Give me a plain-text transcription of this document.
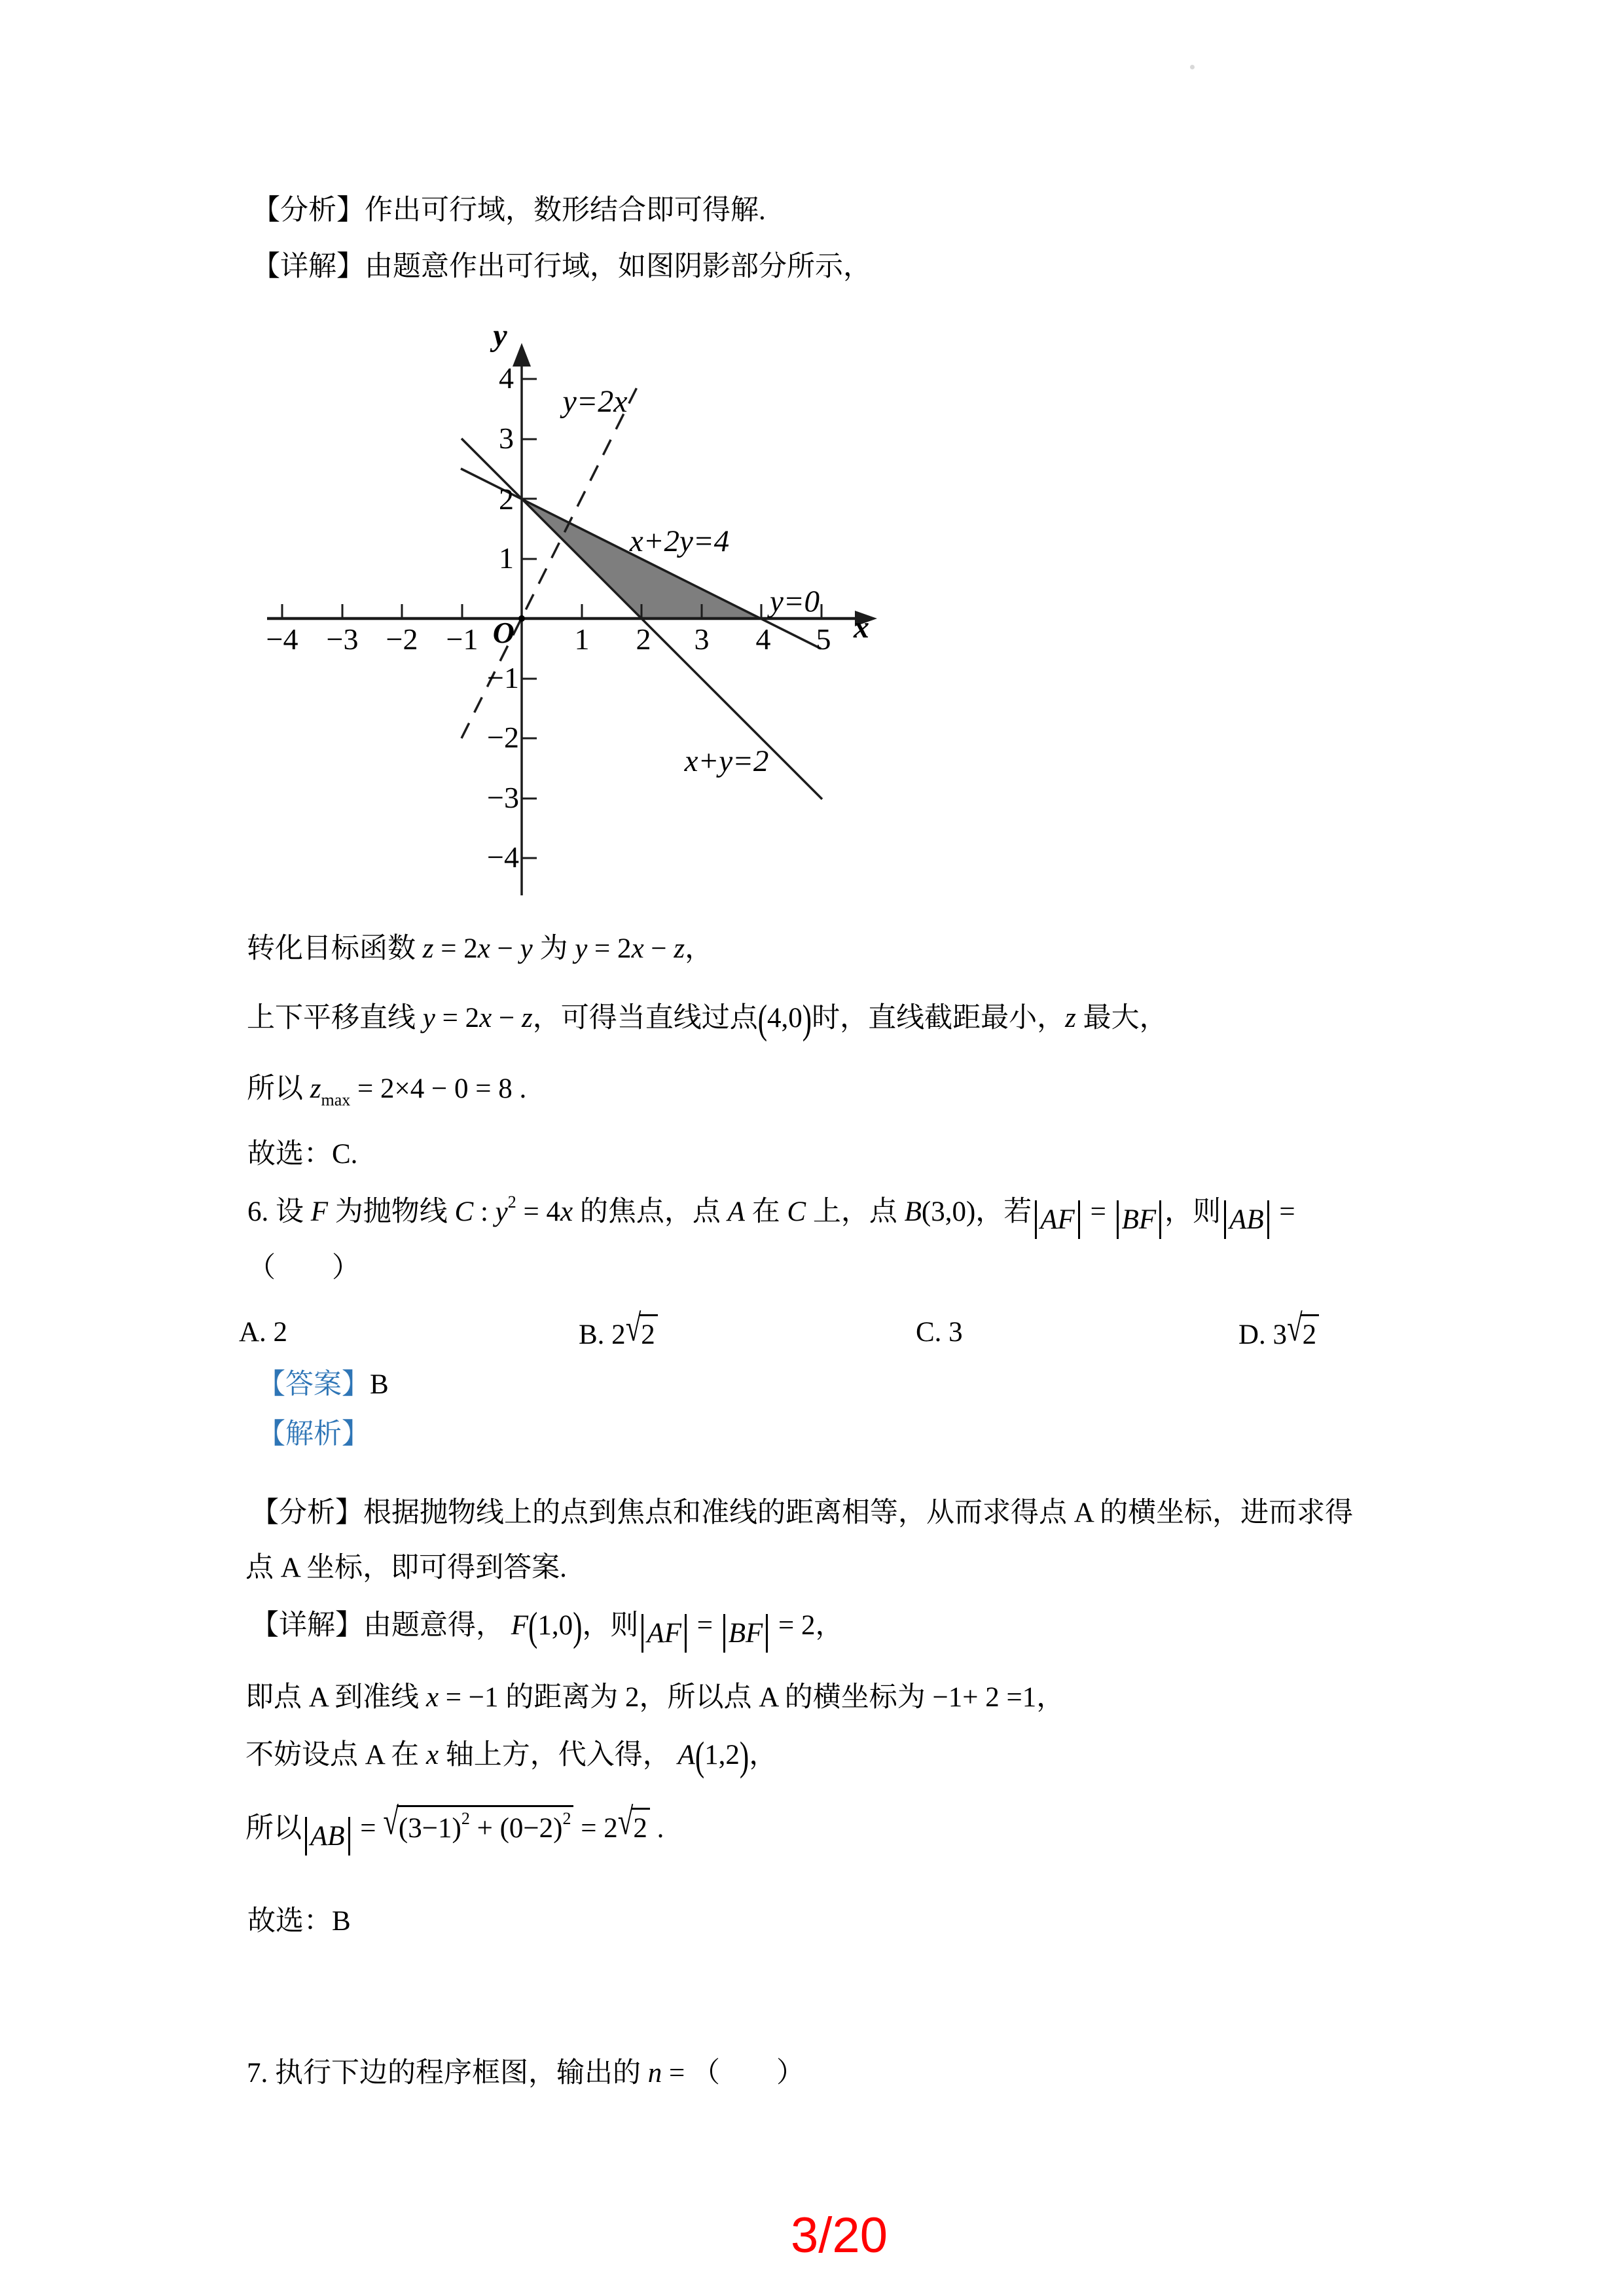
【分析】作出可行域，数形结合即可得解.
【详解】由题意作出可行域，如图阴影部分所示，
−4 −3 −2 −1	1 2 3 4 5
4
3
2
1
−1
−2
−3
−4
y
x
O
y=2x
x+2y=4
y=0
x+y=2
转化目标函数 z = 2x − y 为 y = 2x − z，
上下平移直线 y = 2x − z，可得当直线过点(4,0)时，直线截距最小，z 最大，
所以 $z_{max} = 2\times 4 - 0 = 8$ .
故选：C.
6. 设 F 为抛物线 C : $y^2 = 4x$ 的焦点，点 A 在 C 上，点 B(3,0)，若 AF = BF ，则 AB =
（　　）
A. 2	B. 2√2	C. 3	D. 3√2
【答案】B
【解析】
【分析】根据抛物线上的点到焦点和准线的距离相等，从而求得点 A 的横坐标，进而求得
点 A 坐标，即可得到答案.
【详解】由题意得， F(1,0)，则 AF = BF = 2，
即点 A 到准线 x = −1 的距离为 2，所以点 A 的横坐标为 −1+ 2 =1，
不妨设点 A 在 x 轴上方，代入得， A(1,2)，
所以 AB = $√(3-1)^2 + (0-2)^2 = 2√2$ .
故选：B
7. 执行下边的程序框图，输出的 n = （　　）
3/20
